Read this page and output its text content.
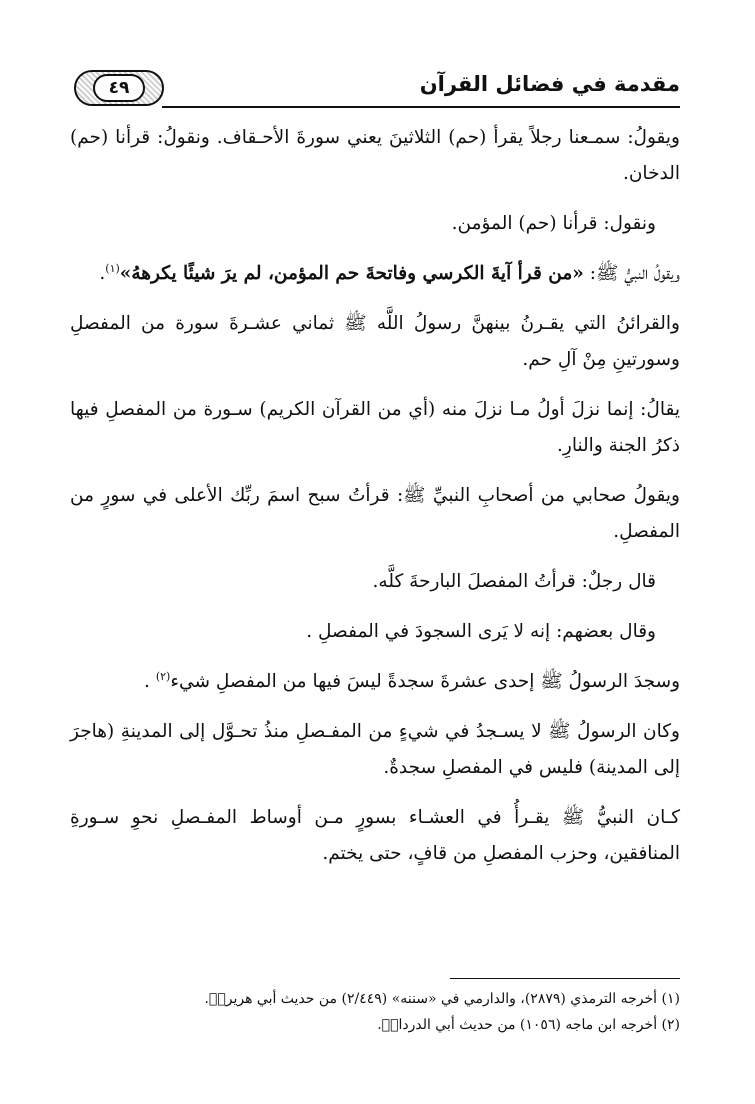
٤٩	مقدمة في فضائل القرآن

ويقولُ: سمـعنا رجلاً يقرأ (حم) الثلاثينَ يعني سورةَ الأحـقاف. ونقولُ: قرأنا (حم) الدخان.

ونقول: قرأنا (حم) المؤمن.

ويقولُ النبيُّ ﷺ: «من قرأ آيةَ الكرسي وفاتحةَ حم المؤمن، لم يرَ شيئًا يكرههُ»$^{(١)}$.

والقرائنُ التي يقـرنُ بينهنَّ رسولُ اللَّه ﷺ ثماني عشـرةَ سورة من المفصلِ وسورتينِ مِنْ آلِ حم.

يقالُ: إنما نزلَ أولُ مـا نزلَ منه (أي من القرآن الكريم) سـورة من المفصلِ فيها ذكرُ الجنة والنارِ.

ويقولُ صحابي من أصحابِ النبيِّ ﷺ: قرأتُ سبح اسمَ ربِّك الأعلى في سورٍ من المفصلِ.

قال رجلٌ: قرأتُ المفصلَ البارحةَ كلَّه.

وقال بعضهم: إنه لا يَرى السجودَ في المفصلِ .

وسجدَ الرسولُ ﷺ إحدى عشرةَ سجدةً ليسَ فيها من المفصلِ شيء$^{(٢)}$ .

وكان الرسولُ ﷺ لا يسـجدُ في شيءٍ من المفـصلِ منذُ تحـوَّل إلى المدينةِ (هاجرَ إلى المدينة) فليس في المفصلِ سجدةٌ.

كـان النبيُّ ﷺ يقـرأُ في العشـاء بسورٍ مـن أوساط المفـصلِ نحوِ سـورةِ المنافقين، وحزب المفصلِ من قافٍ، حتى يختم.

(١) أخرجه الترمذي (٢٨٧٩)، والدارمي في «سننه» (٢/٤٤٩) من حديث أبي هريرةؓ.

(٢) أخرجه ابن ماجه (١٠٥٦) من حديث أبي الدرداءؓ.
